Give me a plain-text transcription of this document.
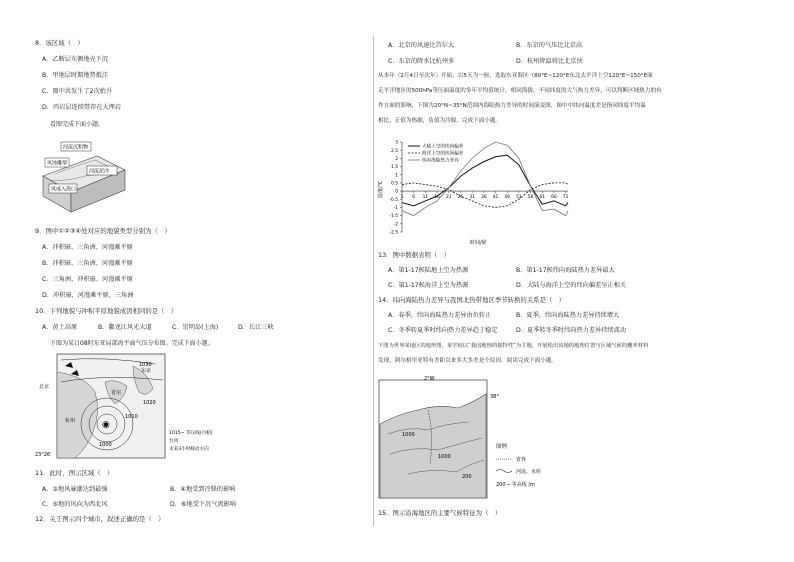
8．该区域（　）
A．乙断层东侧地壳下沉
B．甲地层时期地势抵洼
C．图中共发生了2次抬升
D．丙岩层连续带存在大理岩
看图完成下面小题。
河流沉积物
风蚀雕塑
河流泥沙
风成入海口
9．图中①②③④处对应的地貌类型分别为（　）
A．冲积扇、三角洲、河漫滩平原
B．冲积扇、三角洲、河漫滩平原
C．三角洲、冲积扇、河漫滩平原
D．冲积扇、河漫滩平原、三角洲
10．下列地貌与冲积平原地貌成因相同的是（　）
A．黄土高原	B．鄱龙江风光大道	C．崇明岛(上海)	D．长江三峡
下图为某日08时东亚局部海平面气压分布图。完成下面小题。
◉
北京
杭州
首尔
东京
1030
1020
1010
1000
23°26′
1015~ 等压线(百帕)
台风
未来3小时移动方向
台风
11．此时，图示区域（　）
A．③地风暴潮达到最强	B．④地受到冷锋的影响
C．⑤地的风向为西北风	D．⑥地受下沉气流影响
12．关于图示四个城市，叙述正确的是（　）
A．北京的风速比首尔大	B．东京的气压比北京高
C．东京的降水比杭州多	D．杭州降温将比北京快
从本年（2月4日至次年）开始，以5天为一候，选取东亚海区（80°E~120°E东北太平洋上空120°E~150°E面
走平洋地区的500hPa等压面温度的多年平均值统计，相同海拔，不同纬度的大气热力差异，可以判断区域热力的有
作方面的影响，下图为20°N~35°N范围内海陆热力差异的时间演变图，图中中纬向温度差是指同纬度平均温
相比，正值为热源，负值为冷源。完成下面小题。
3
2.5
2
1.5
1
0.5
0
-0.5
-1
-1.5
-2
-2.5
1 6 11 16 21 26 31 36 41 46 51 56 61 66 71
大陆上空的纬向偏差
海洋上空的纬向偏差
纬向海陆热力差异
温度/℃
时间/候
13．图中数据表明（　）
A．第1-17候陆地上空为热源	B．第1-17候纬向海陆热力差异最大
C．第1-17候海洋上空为热源	D．大陆与海洋上空的纬向偏差呈正相关
14．纬向海陆热力差异与我国北热带地区季节转换的关系是（　）
A．春季，纬向海陆热力差异由负转正	B．夏季，纬向海陆热力差异持续增大
C．冬季转夏季时纬向热力差异趋于稳定	D．夏季转冬季时纬向热力差异持续波动
下图为世界某地区的地形图，某学校以“我国地理的独特性”为主题，开展绘出该地的地理位置与区域气候的概率材料
发现，阿尔格里亚特有差距以来多大多差是个原因。阅读完成下面小题。
2°W
38°
1000
1000
200
图例
省界
河流、水库
200 ─ 等高线 /m
15．图示沿海地区的主要气候特征为（　）
